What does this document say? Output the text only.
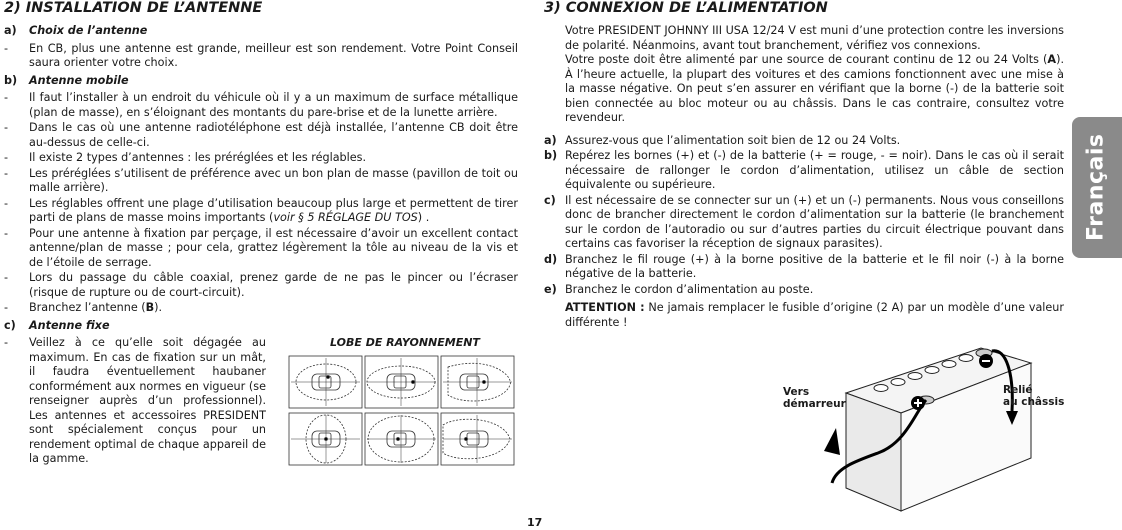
2) INSTALLATION DE L’ANTENNE
a)	Choix de l’antenne
-	En CB, plus une antenne est grande, meilleur est son rendement. Votre Point Conseil saura orienter votre choix.
b)	Antenne mobile
-	Il faut l’installer à un endroit du véhicule où il y a un maximum de surface métallique (plan de masse), en s’éloignant des montants du pare-brise et de la lunette arrière.
-	Dans le cas où une antenne radiotéléphone est déjà installée, l’antenne CB doit être au-dessus de celle-ci.
-	Il existe 2 types d’antennes : les préréglées et les réglables.
-	Les préréglées s’utilisent de préférence avec un bon plan de masse (pavillon de toit ou malle arrière).
-	Les réglables offrent une plage d’utilisation beaucoup plus large et permettent de tirer parti de plans de masse moins importants (voir § 5 RÉGLAGE DU TOS) .
-	Pour une antenne à fixation par perçage, il est nécessaire d’avoir un excellent contact antenne/plan de masse ; pour cela, grattez légèrement la tôle au niveau de la vis et de l’étoile de serrage.
-	Lors du passage du câble coaxial, prenez garde de ne pas le pincer ou l’écraser (risque de rupture ou de court-circuit).
-	Branchez l’antenne (B).
c)	Antenne fixe
-	Veillez à ce qu’elle soit dégagée au maximum. En cas de fixation sur un mât, il faudra éventuellement haubaner conformément aux normes en vigueur (se renseigner auprès d’un professionnel). Les antennes et accessoires PRESIDENT sont spécialement conçus pour un rendement optimal de chaque appareil de la gamme.
LOBE DE RAYONNEMENT
3) CONNEXION DE L’ALIMENTATION

Votre PRESIDENT JOHNNY III USA 12/24 V est muni d’une protection contre les inversions de polarité. Néanmoins, avant tout branchement, vérifiez vos connexions.

Votre poste doit être alimenté par une source de courant continu de 12 ou 24 Volts (A). À l’heure actuelle, la plupart des voitures et des camions fonctionnent avec une mise à la masse négative. On peut s’en assurer en vérifiant que la borne (-) de la batterie soit bien connectée au bloc moteur ou au châssis. Dans le cas contraire, consultez votre revendeur.

a) Assurez-vous que l’alimentation soit bien de 12 ou 24 Volts.
b) Repérez les bornes (+) et (-) de la batterie (+ = rouge, - = noir). Dans le cas où il serait nécessaire de rallonger le cordon d’alimentation, utilisez un câble de section équivalente ou supérieure.
c) Il est nécessaire de se connecter sur un (+) et un (-) permanents. Nous vous conseillons donc de brancher directement le cordon d’alimentation sur la batterie (le branchement sur le cordon de l’autoradio ou sur d’autres parties du circuit électrique pouvant dans certains cas favoriser la réception de signaux parasites).
d) Branchez le fil rouge (+) à la borne positive de la batterie et le fil noir (-) à la borne négative de la batterie.
e) Branchez le cordon d’alimentation au poste.

ATTENTION : Ne jamais remplacer le fusible d’origine (2 A) par un modèle d’une valeur différente !

Vers
démarreur
Relié
au châssis
Français
17
